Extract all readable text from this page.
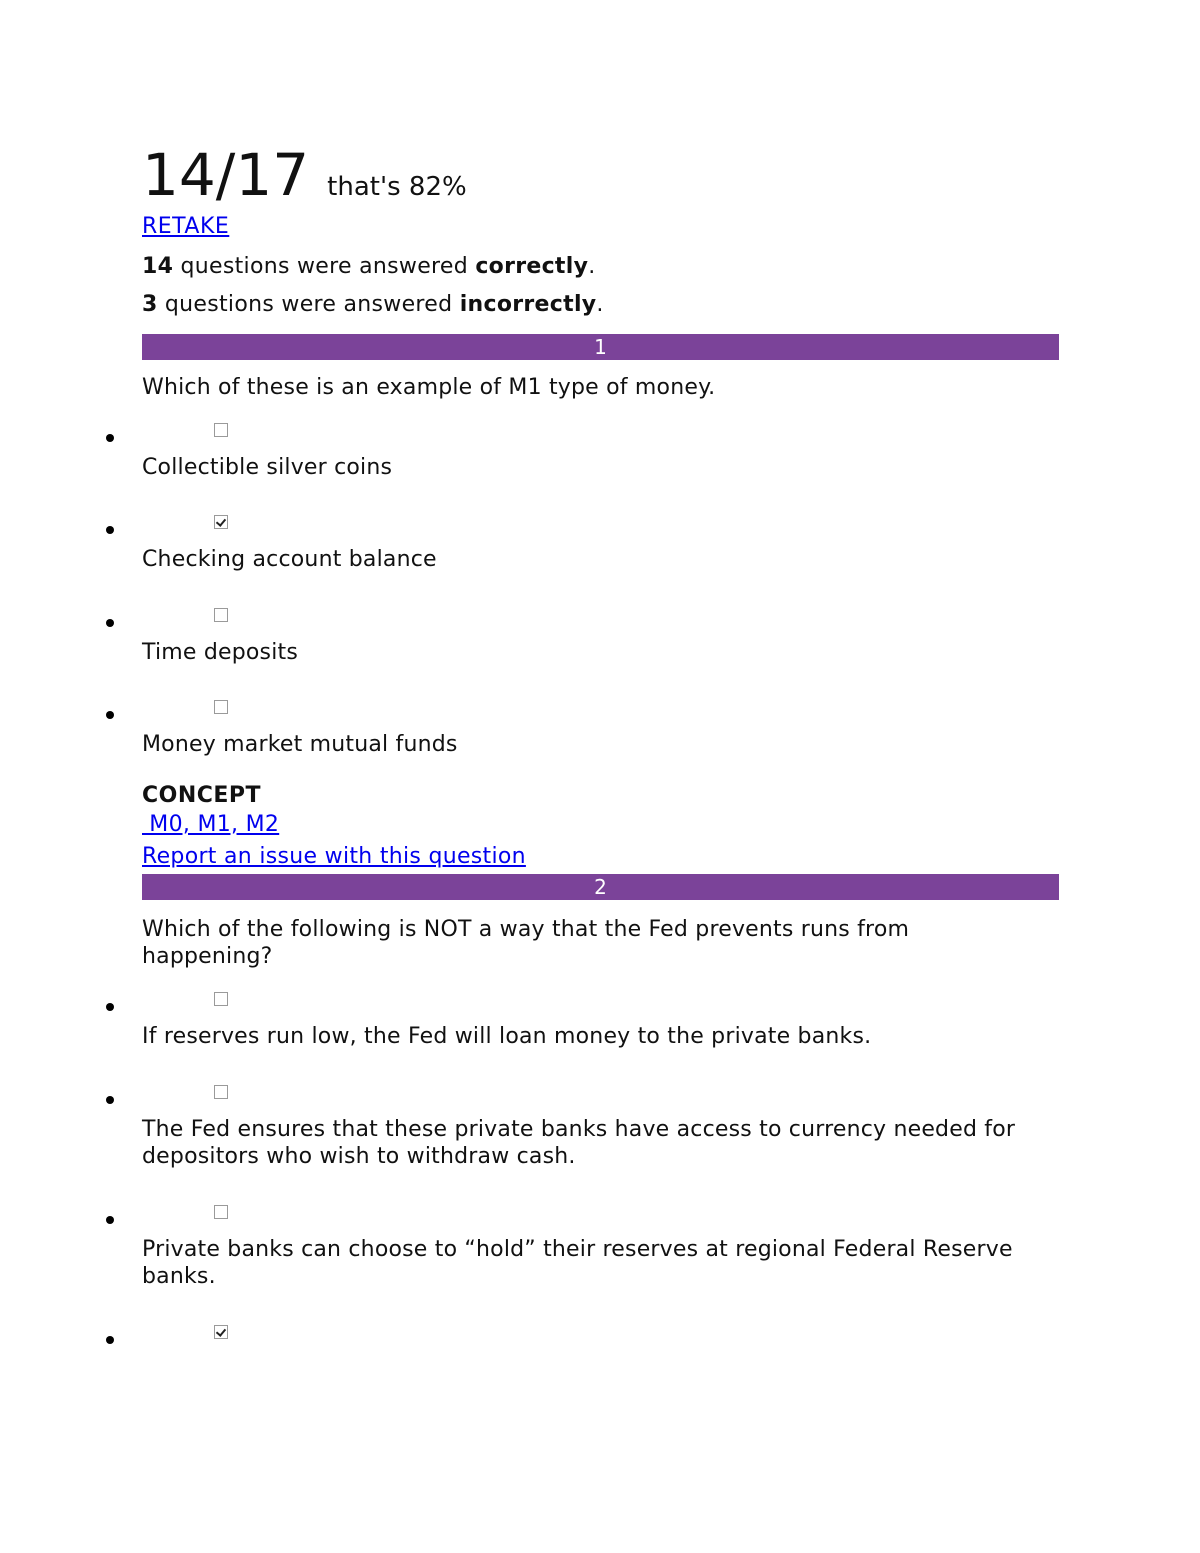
14/17 that's 82%
RETAKE
14 questions were answered correctly.
3 questions were answered incorrectly.
1
Which of these is an example of M1 type of money.
Collectible silver coins
Checking account balance
Time deposits
Money market mutual funds
CONCEPT
M0, M1, M2
Report an issue with this question
2
Which of the following is NOT a way that the Fed prevents runs from happening?
If reserves run low, the Fed will loan money to the private banks.
The Fed ensures that these private banks have access to currency needed for depositors who wish to withdraw cash.
Private banks can choose to “hold” their reserves at regional Federal Reserve banks.
